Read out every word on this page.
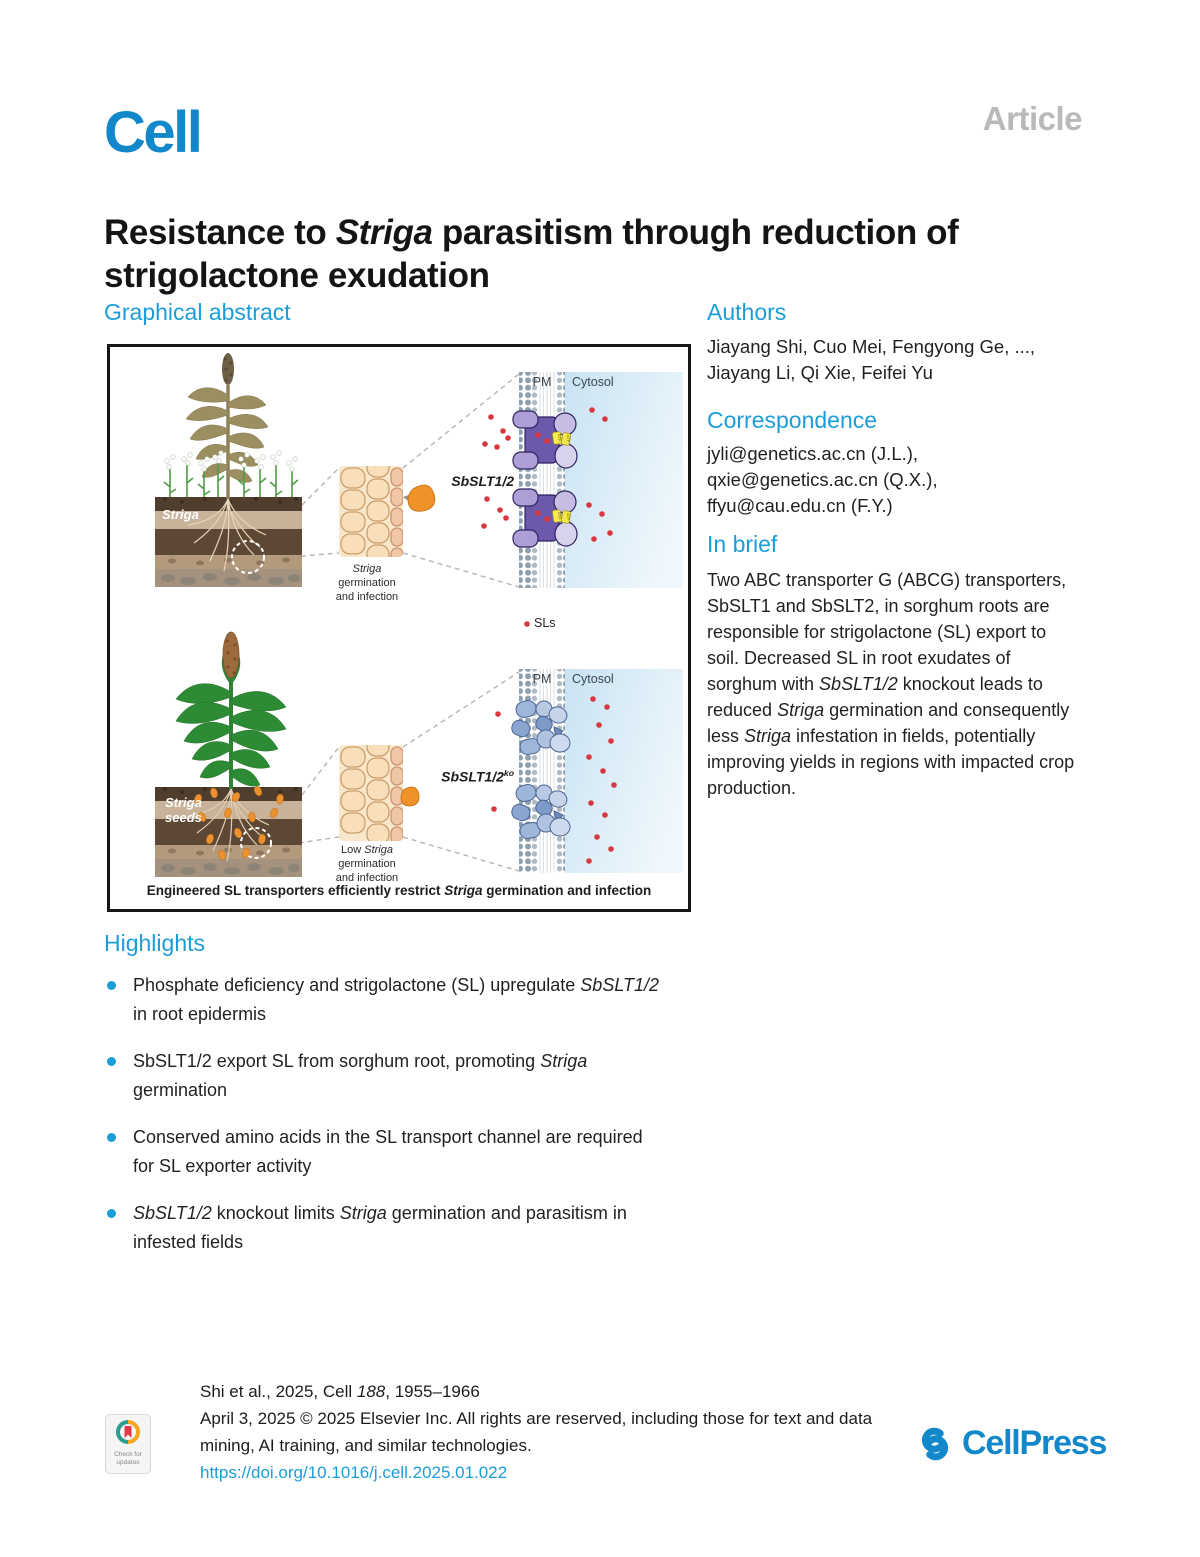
Cell	Article
Resistance to Striga parasitism through reduction of strigolactone exudation
Graphical abstract
ATP	ATP
Striga
Striga
seeds
Striga
germination
and infection
Low Striga
germination
and infection
PM	Cytosol
PM	Cytosol
SbSLT1/2
$SbSLT1/2^{ko}$
SLs
Engineered SL transporters efficiently restrict Striga germination and infection
Authors
Jiayang Shi, Cuo Mei, Fengyong Ge, ..., Jiayang Li, Qi Xie, Feifei Yu
Correspondence
jyli@genetics.ac.cn (J.L.),
qxie@genetics.ac.cn (Q.X.),
ffyu@cau.edu.cn (F.Y.)
In brief
Two ABC transporter G (ABCG) transporters, SbSLT1 and SbSLT2, in sorghum roots are responsible for strigolactone (SL) export to soil. Decreased SL in root exudates of sorghum with SbSLT1/2 knockout leads to reduced Striga germination and consequently less Striga infestation in fields, potentially improving yields in regions with impacted crop production.
Highlights
Phosphate deficiency and strigolactone (SL) upregulate SbSLT1/2 in root epidermis
SbSLT1/2 export SL from sorghum root, promoting Striga germination
Conserved amino acids in the SL transport channel are required for SL exporter activity
SbSLT1/2 knockout limits Striga germination and parasitism in infested fields
Check for updates
Shi et al., 2025, Cell 188, 1955–1966
April 3, 2025 © 2025 Elsevier Inc. All rights are reserved, including those for text and data mining, AI training, and similar technologies.
https://doi.org/10.1016/j.cell.2025.01.022
CellPress
